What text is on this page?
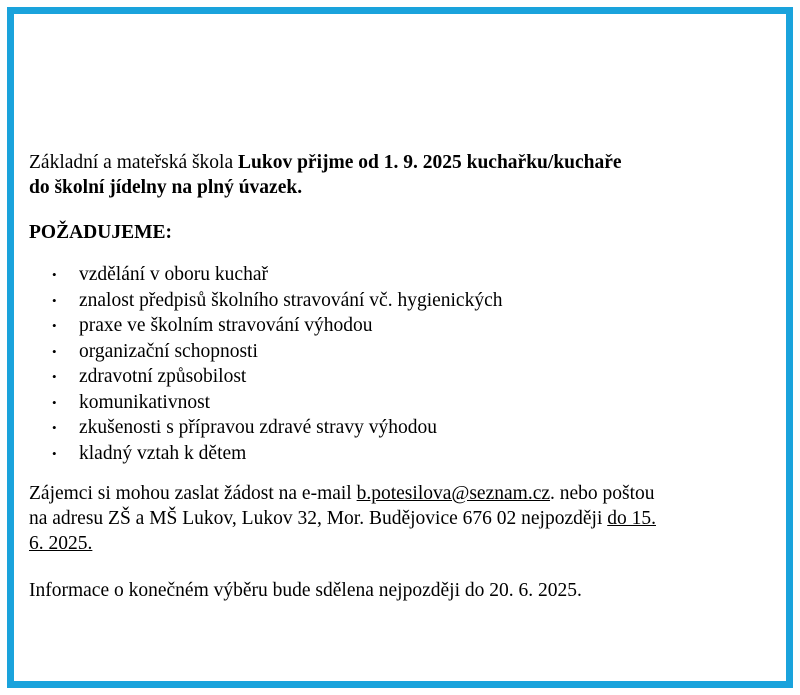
Základní a mateřská škola Lukov přijme od 1. 9. 2025 kuchařku/kuchaře
do školní jídelny na plný úvazek.

POŽADUJEME:

• vzdělání v oboru kuchař
• znalost předpisů školního stravování vč. hygienických
• praxe ve školním stravování výhodou
• organizační schopnosti
• zdravotní způsobilost
• komunikativnost
• zkušenosti s přípravou zdravé stravy výhodou
• kladný vztah k dětem

Zájemci si mohou zaslat žádost na e-mail b.potesilova@seznam.cz. nebo poštou
na adresu ZŠ a MŠ Lukov, Lukov 32, Mor. Budějovice 676 02 nejpozději do 15.
6. 2025.

Informace o konečném výběru bude sdělena nejpozději do 20. 6. 2025.
